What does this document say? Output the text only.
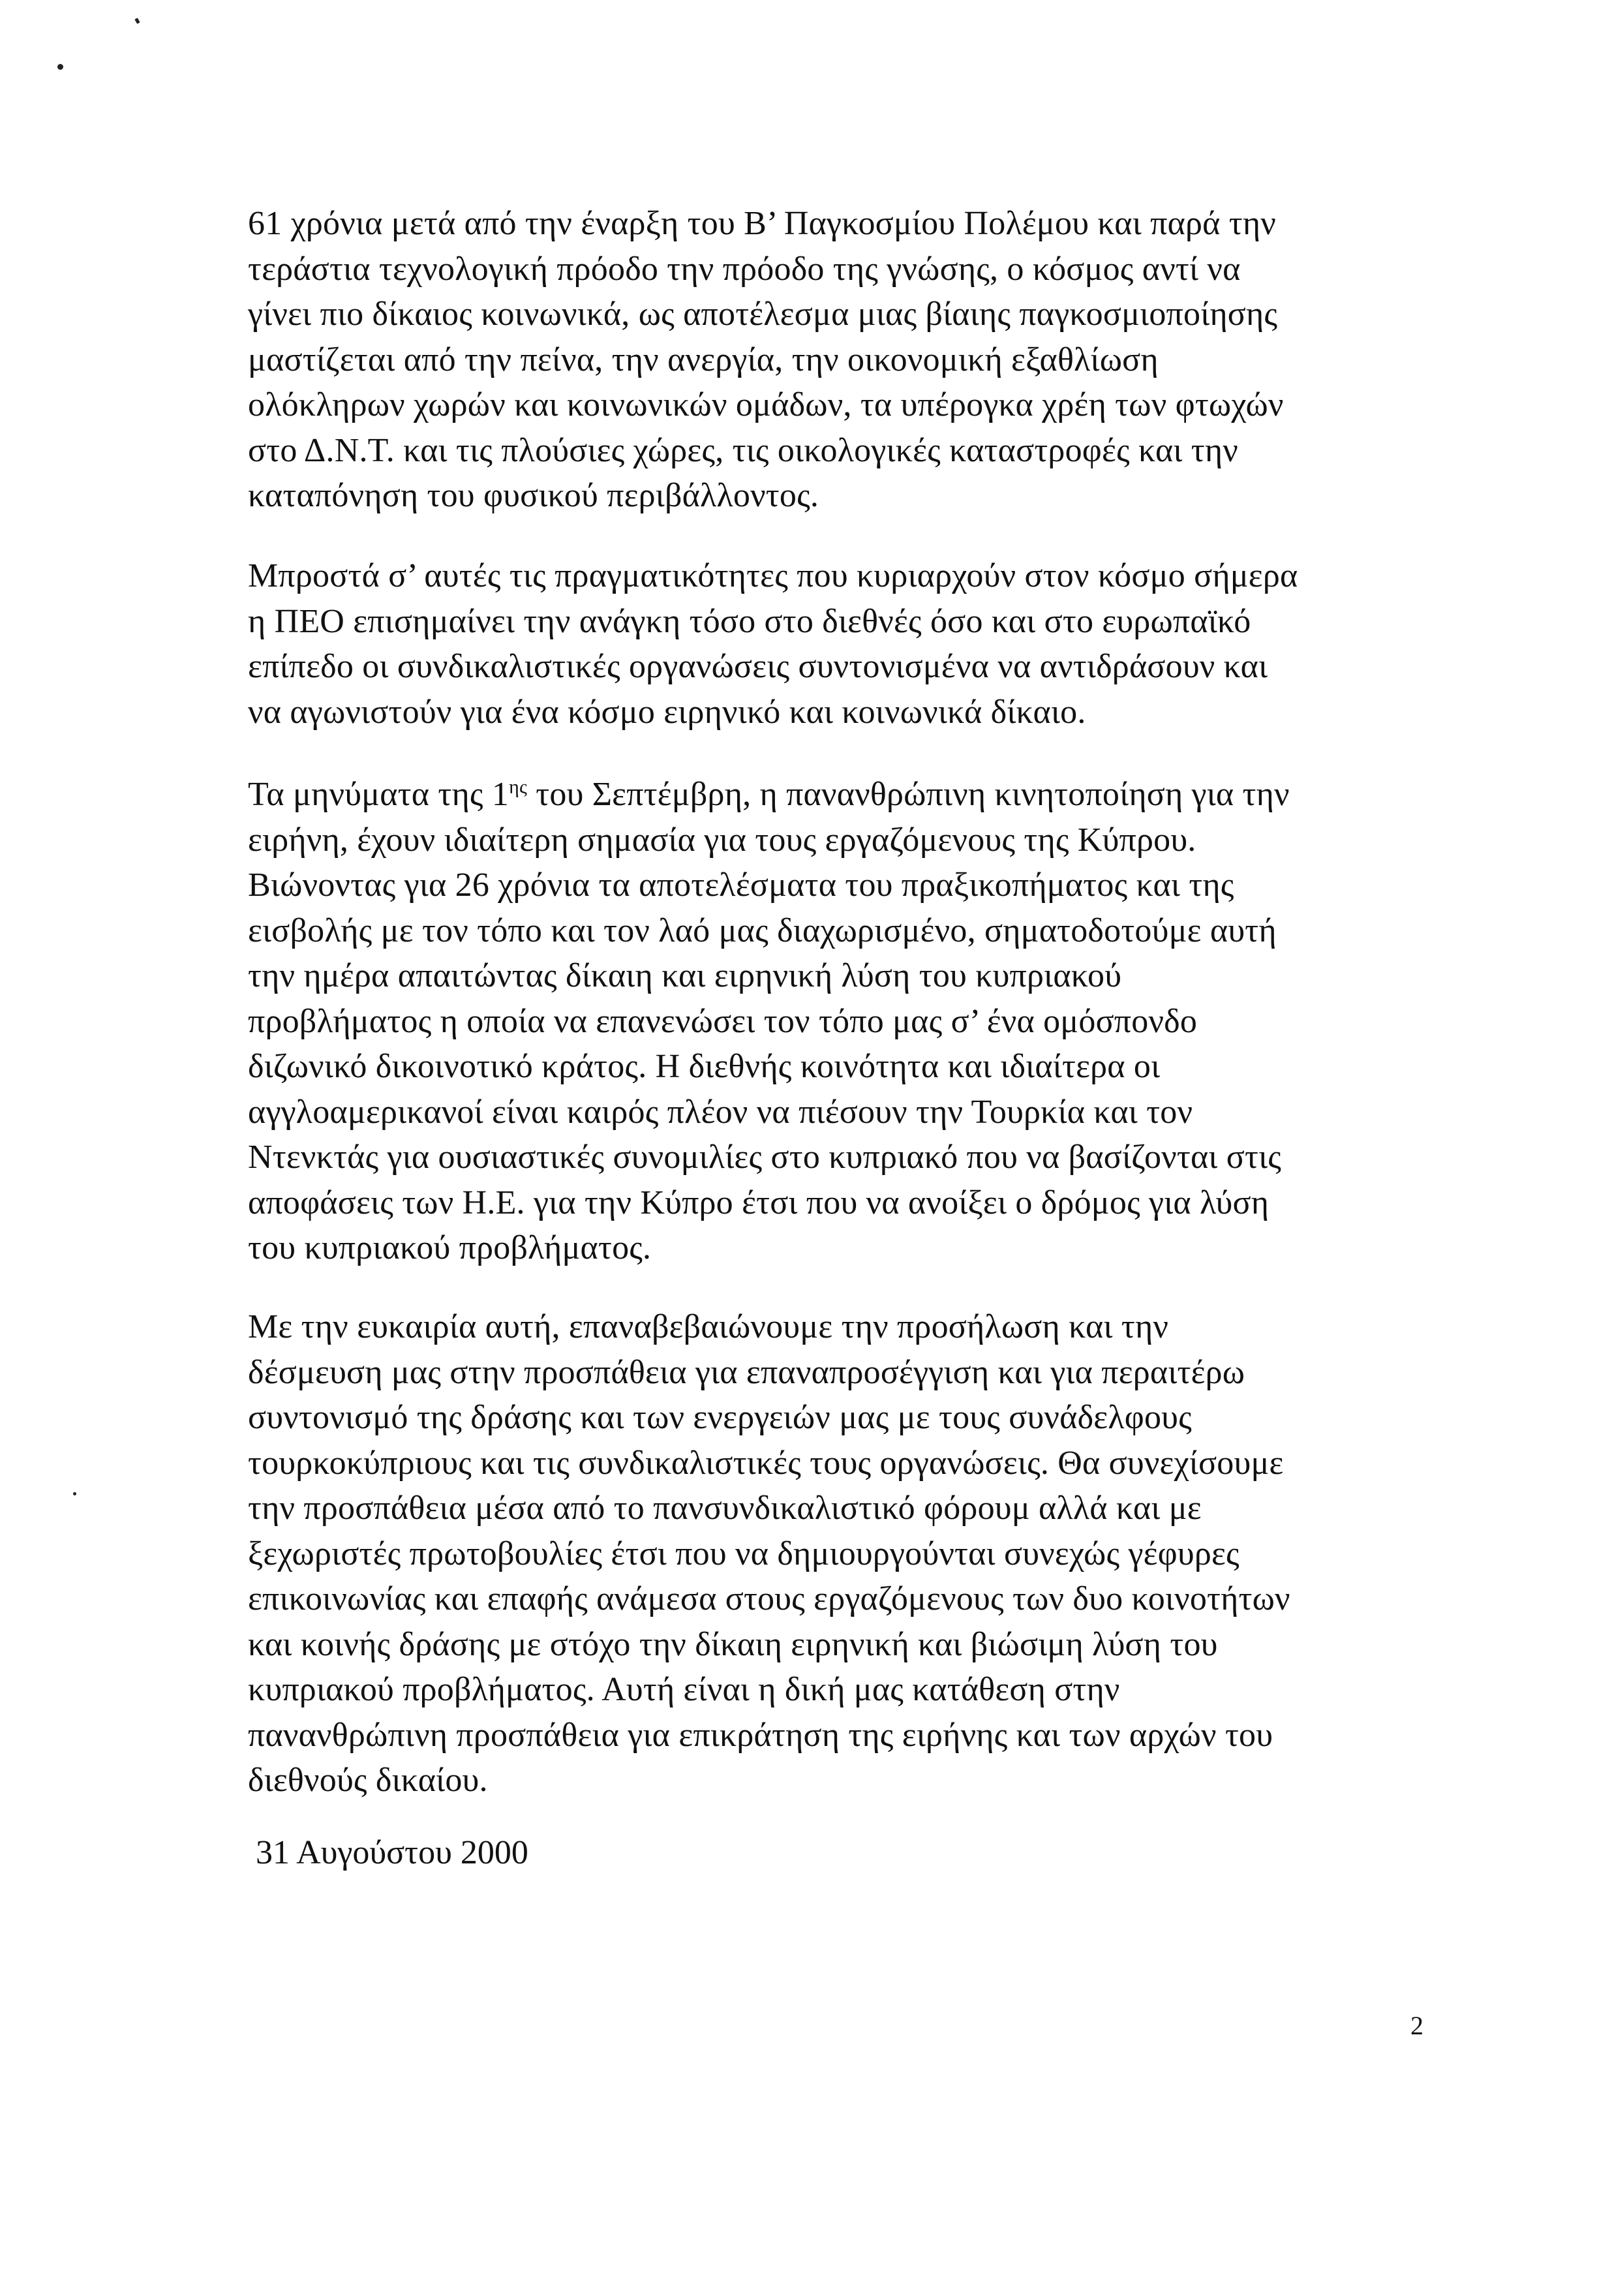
61 χρόνια μετά από την έναρξη του Β’ Παγκοσμίου Πολέμου και παρά την
τεράστια τεχνολογική πρόοδο την πρόοδο της γνώσης, ο κόσμος αντί να
γίνει πιο δίκαιος κοινωνικά, ως αποτέλεσμα μιας βίαιης παγκοσμιοποίησης
μαστίζεται από την πείνα, την ανεργία, την οικονομική εξαθλίωση
ολόκληρων χωρών και κοινωνικών ομάδων, τα υπέρογκα χρέη των φτωχών
στο Δ.Ν.Τ. και τις πλούσιες χώρες, τις οικολογικές καταστροφές και την
καταπόνηση του φυσικού περιβάλλοντος.

Μπροστά σ’ αυτές τις πραγματικότητες που κυριαρχούν στον κόσμο σήμερα
η ΠΕΟ επισημαίνει την ανάγκη τόσο στο διεθνές όσο και στο ευρωπαϊκό
επίπεδο οι συνδικαλιστικές οργανώσεις συντονισμένα να αντιδράσουν και
να αγωνιστούν για ένα κόσμο ειρηνικό και κοινωνικά δίκαιο.

Τα μηνύματα της $1^{\eta\varsigma}$ του Σεπτέμβρη, η πανανθρώπινη κινητοποίηση για την
ειρήνη, έχουν ιδιαίτερη σημασία για τους εργαζόμενους της Κύπρου.
Βιώνοντας για 26 χρόνια τα αποτελέσματα του πραξικοπήματος και της
εισβολής με τον τόπο και τον λαό μας διαχωρισμένο, σηματοδοτούμε αυτή
την ημέρα απαιτώντας δίκαιη και ειρηνική λύση του κυπριακού
προβλήματος η οποία να επανενώσει τον τόπο μας σ’ ένα ομόσπονδο
διζωνικό δικοινοτικό κράτος. Η διεθνής κοινότητα και ιδιαίτερα οι
αγγλοαμερικανοί είναι καιρός πλέον να πιέσουν την Τουρκία και τον
Ντενκτάς για ουσιαστικές συνομιλίες στο κυπριακό που να βασίζονται στις
αποφάσεις των Η.Ε. για την Κύπρο έτσι που να ανοίξει ο δρόμος για λύση
του κυπριακού προβλήματος.

Με την ευκαιρία αυτή, επαναβεβαιώνουμε την προσήλωση και την
δέσμευση μας στην προσπάθεια για επαναπροσέγγιση και για περαιτέρω
συντονισμό της δράσης και των ενεργειών μας με τους συνάδελφους
τουρκοκύπριους και τις συνδικαλιστικές τους οργανώσεις. Θα συνεχίσουμε
την προσπάθεια μέσα από το πανσυνδικαλιστικό φόρουμ αλλά και με
ξεχωριστές πρωτοβουλίες έτσι που να δημιουργούνται συνεχώς γέφυρες
επικοινωνίας και επαφής ανάμεσα στους εργαζόμενους των δυο κοινοτήτων
και κοινής δράσης με στόχο την δίκαιη ειρηνική και βιώσιμη λύση του
κυπριακού προβλήματος. Αυτή είναι η δική μας κατάθεση στην
πανανθρώπινη προσπάθεια για επικράτηση της ειρήνης και των αρχών του
διεθνούς δικαίου.

31 Αυγούστου 2000

2
